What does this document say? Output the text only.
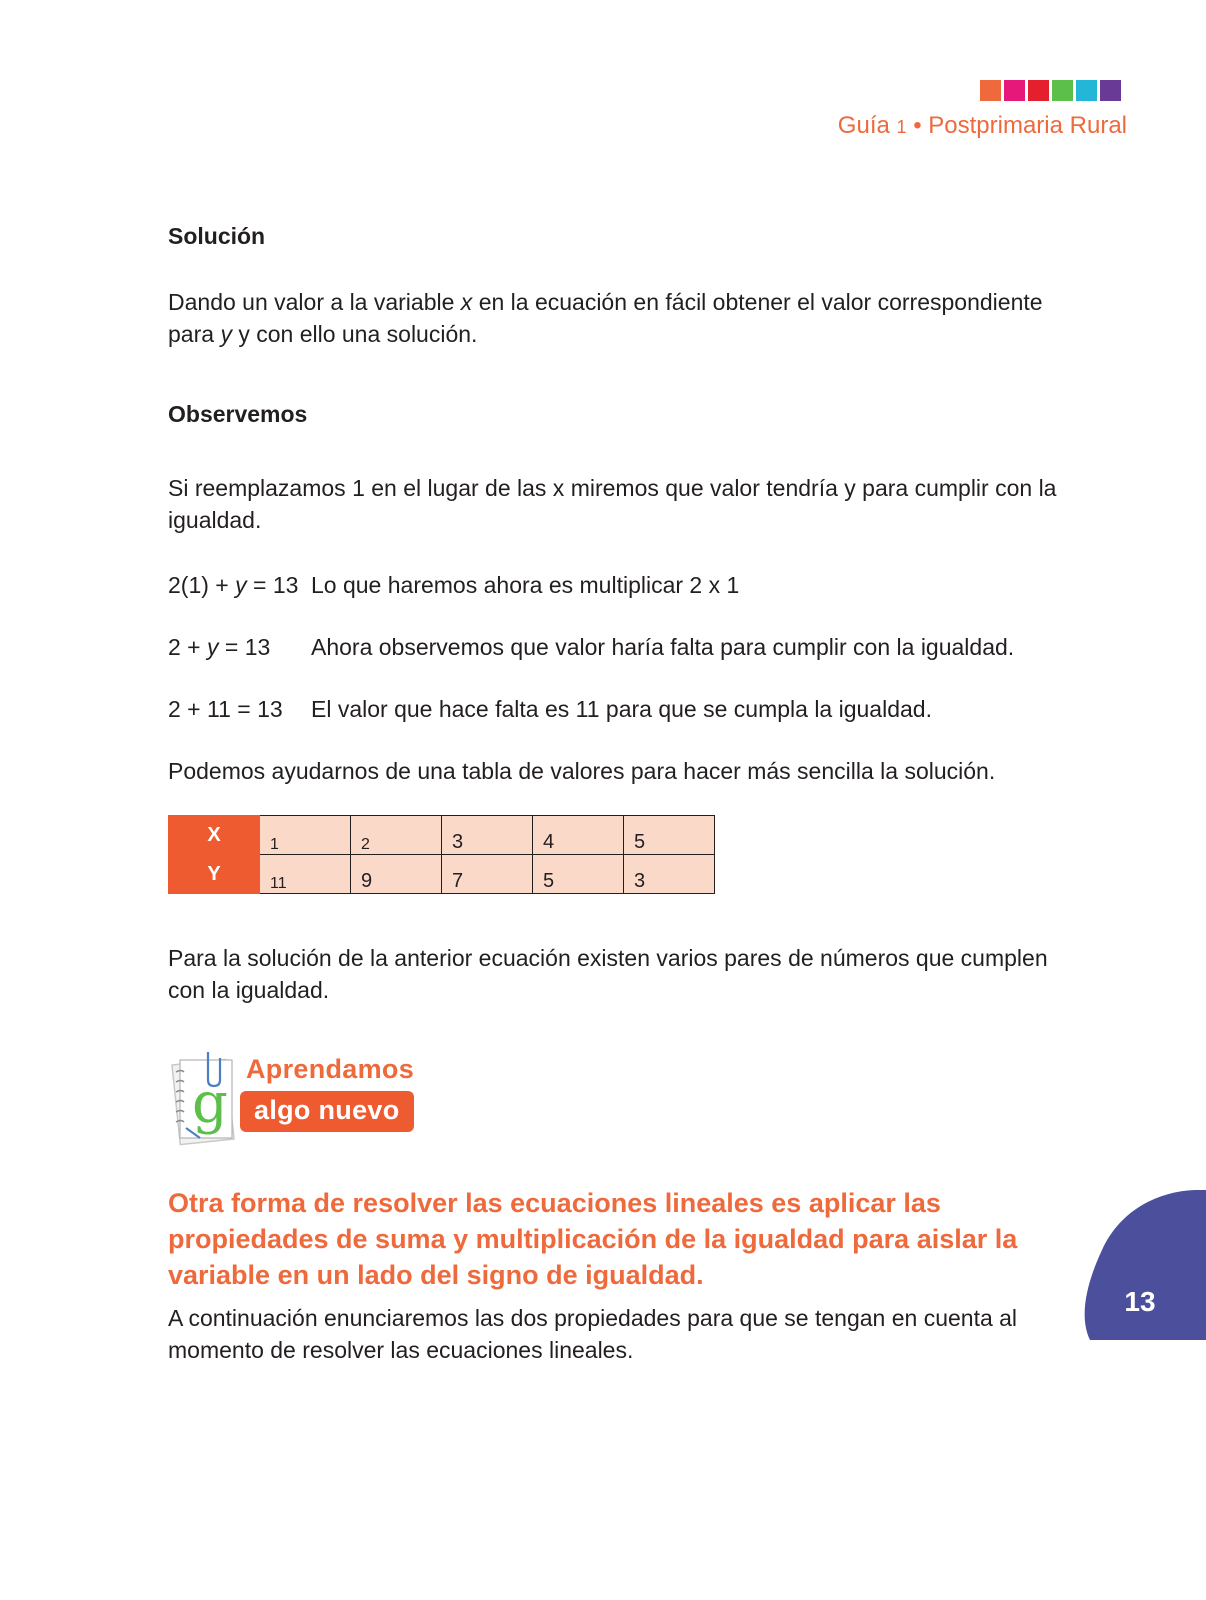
Guía 1 • Postprimaria Rural
Solución

Dando un valor a la variable x en la ecuación en fácil obtener el valor correspondiente para y y con ello una solución.

Observemos

Si reemplazamos 1 en el lugar de las x miremos que valor tendría y para cumplir con la igualdad.

2(1) + y = 13 Lo que haremos ahora es multiplicar 2 x 1
2 + y = 13 Ahora observemos que valor haría falta para cumplir con la igualdad.
2 + 11 = 13 El valor que hace falta es 11 para que se cumpla la igualdad.
Podemos ayudarnos de una tabla de valores para hacer más sencilla la solución.
X	1	2	3	4	5
Y	11	9	7	5	3

Para la solución de la anterior ecuación existen varios pares de números que cumplen con la igualdad.

g
Aprendamos
algo nuevo
Otra forma de resolver las ecuaciones lineales es aplicar las propiedades de suma y multiplicación de la igualdad para aislar la variable en un lado del signo de igualdad.

A continuación enunciaremos las dos propiedades para que se tengan en cuenta al momento de resolver las ecuaciones lineales.

13
